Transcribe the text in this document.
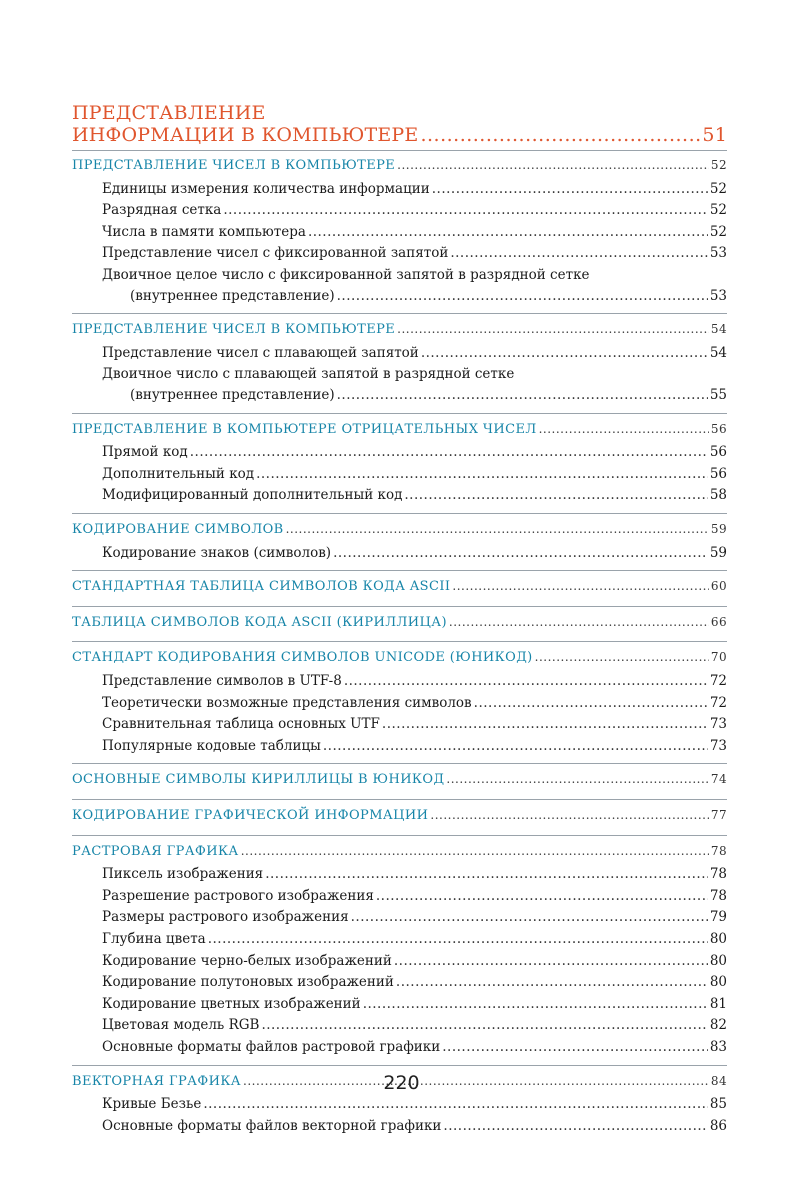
ПРЕДСТАВЛЕНИЕ
ИНФОРМАЦИИ В КОМПЬЮТЕРЕ .....	51
ПРЕДСТАВЛЕНИЕ ЧИСЕЛ В КОМПЬЮТЕРЕ .....	52
Единицы измерения количества информации .....	52
Разрядная сетка .....	52
Числа в памяти компьютера .....	52
Представление чисел с фиксированной запятой .....	53
Двоичное целое число с фиксированной запятой в разрядной сетке
(внутреннее представление) .....	53
ПРЕДСТАВЛЕНИЕ ЧИСЕЛ В КОМПЬЮТЕРЕ .....	54
Представление чисел с плавающей запятой .....	54
Двоичное число с плавающей запятой в разрядной сетке
(внутреннее представление) .....	55
ПРЕДСТАВЛЕНИЕ В КОМПЬЮТЕРЕ ОТРИЦАТЕЛЬНЫХ ЧИСЕЛ .....	56
Прямой код .....	56
Дополнительный код .....	56
Модифицированный дополнительный код .....	58
КОДИРОВАНИЕ СИМВОЛОВ .....	59
Кодирование знаков (символов) .....	59
СТАНДАРТНАЯ ТАБЛИЦА СИМВОЛОВ КОДА ASCII .....	60
ТАБЛИЦА СИМВОЛОВ КОДА ASCII (КИРИЛЛИЦА) .....	66
СТАНДАРТ КОДИРОВАНИЯ СИМВОЛОВ UNICODE (ЮНИКОД) .....	70
Представление символов в UTF-8 .....	72
Теоретически возможные представления символов .....	72
Сравнительная таблица основных UTF .....	73
Популярные кодовые таблицы .....	73
ОСНОВНЫЕ СИМВОЛЫ КИРИЛЛИЦЫ В ЮНИКОД .....	74
КОДИРОВАНИЕ ГРАФИЧЕСКОЙ ИНФОРМАЦИИ .....	77
РАСТРОВАЯ ГРАФИКА .....	78
Пиксель изображения .....	78
Разрешение растрового изображения .....	78
Размеры растрового изображения .....	79
Глубина цвета .....	80
Кодирование черно-белых изображений .....	80
Кодирование полутоновых изображений .....	80
Кодирование цветных изображений .....	81
Цветовая модель RGB .....	82
Основные форматы файлов растровой графики .....	83
ВЕКТОРНАЯ ГРАФИКА .....	84
Кривые Безье .....	85
Основные форматы файлов векторной графики .....	86
220
